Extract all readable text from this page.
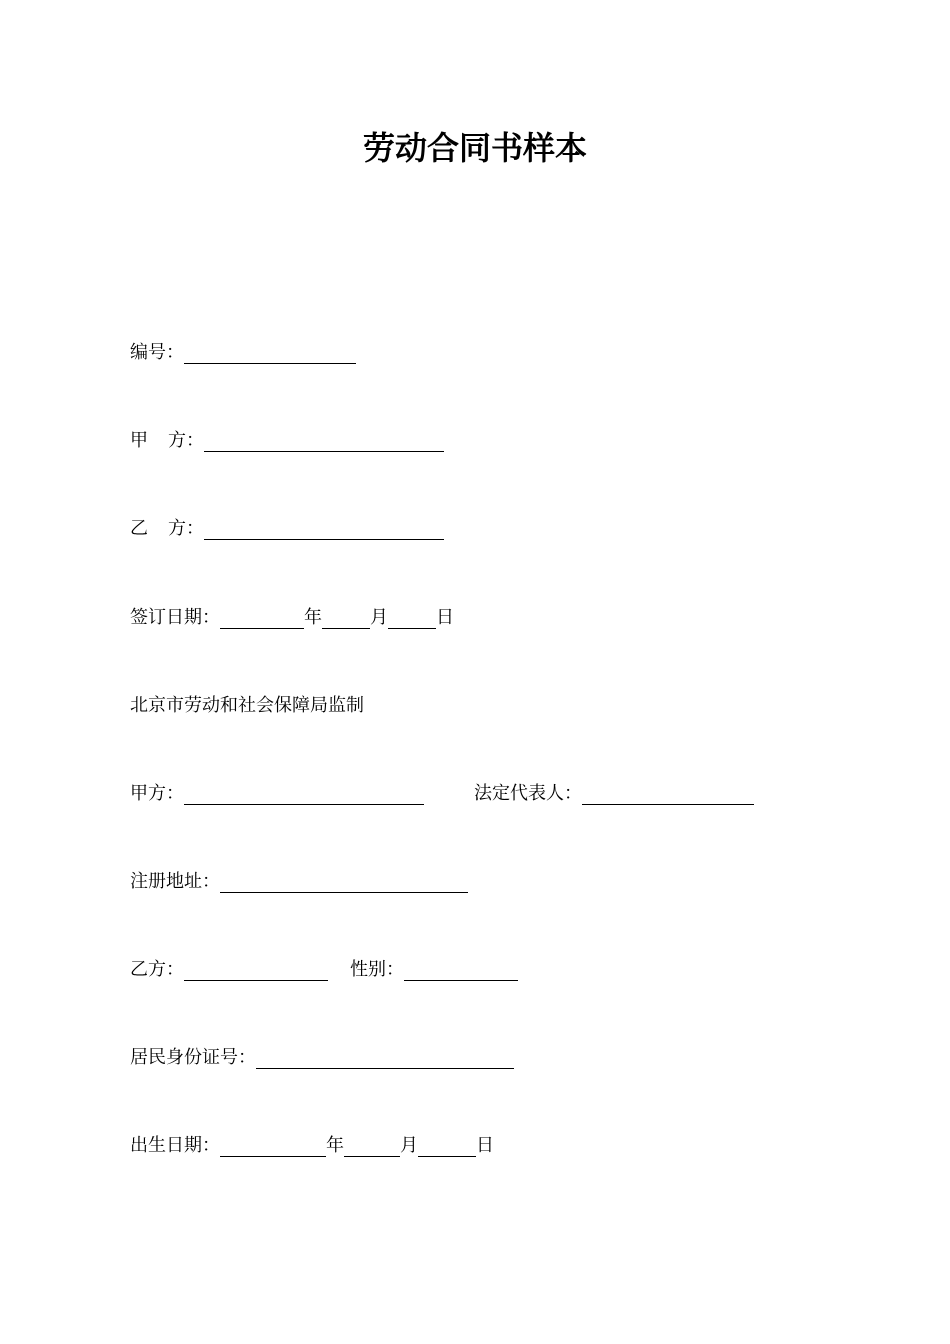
劳动合同书样本
编号：
甲 方：
乙 方：
签订日期：	年	月	日
北京市劳动和社会保障局监制
甲方：	法定代表人：
注册地址：
乙方：	性别：
居民身份证号：
出生日期：	年	月	日
